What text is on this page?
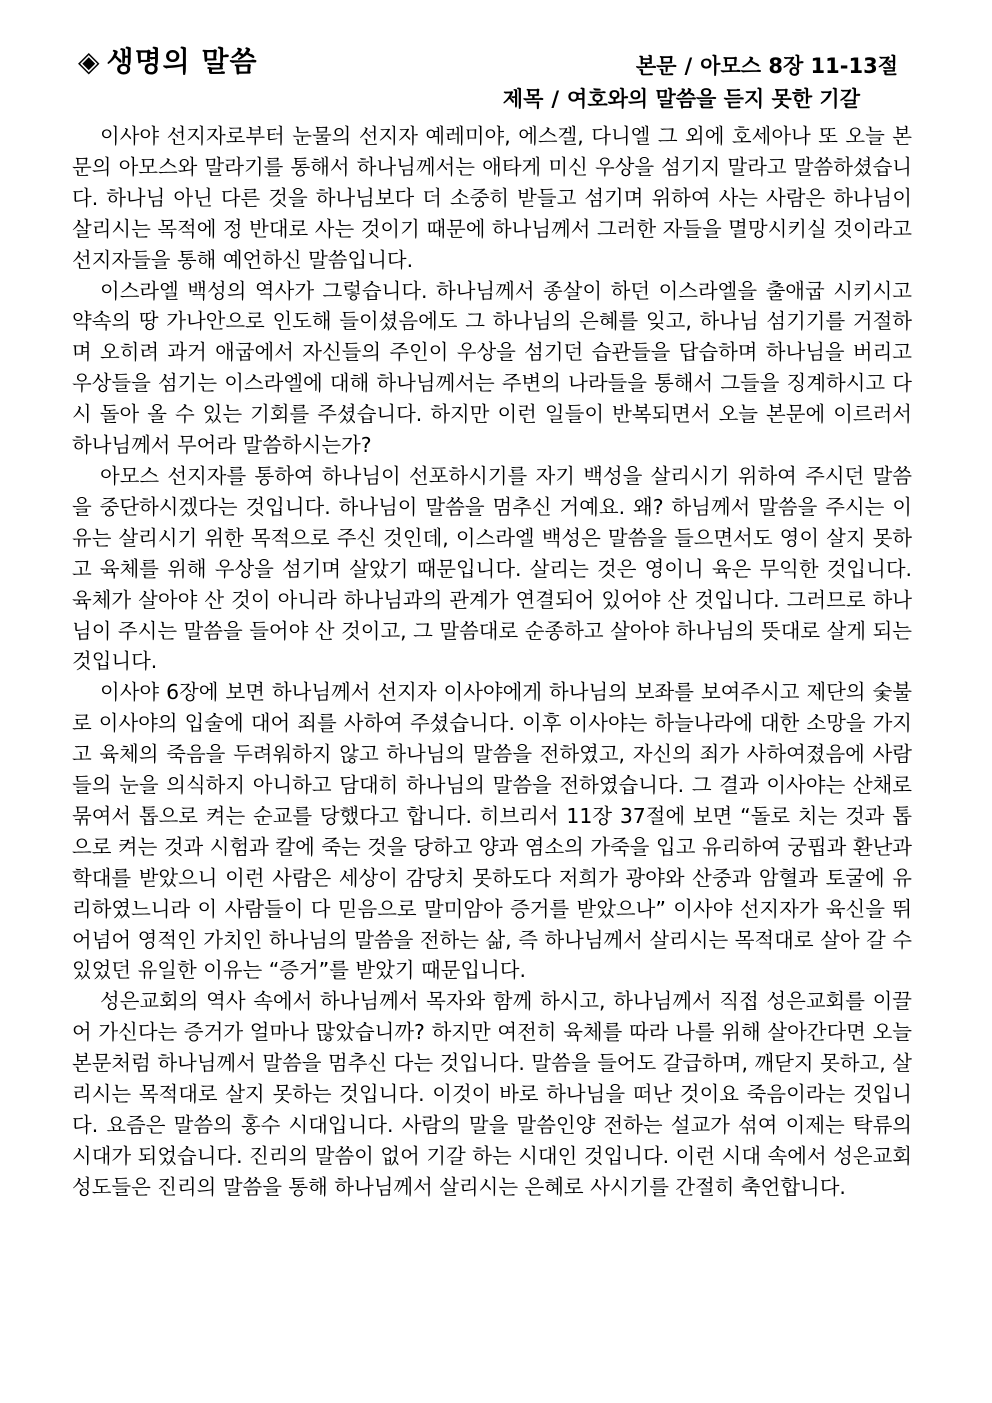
◈ 생명의 말씀	본문 / 아모스 8장 11-13절
제목 / 여호와의 말씀을 듣지 못한 기갈

이사야 선지자로부터 눈물의 선지자 예레미야, 에스겔, 다니엘 그 외에 호세아나 또 오늘 본문의 아모스와 말라기를 통해서 하나님께서는 애타게 미신 우상을 섬기지 말라고 말씀하셨습니다. 하나님 아닌 다른 것을 하나님보다 더 소중히 받들고 섬기며 위하여 사는 사람은 하나님이 살리시는 목적에 정 반대로 사는 것이기 때문에 하나님께서 그러한 자들을 멸망시키실 것이라고 선지자들을 통해 예언하신 말씀입니다.

이스라엘 백성의 역사가 그렇습니다. 하나님께서 종살이 하던 이스라엘을 출애굽 시키시고 약속의 땅 가나안으로 인도해 들이셨음에도 그 하나님의 은혜를 잊고, 하나님 섬기기를 거절하며 오히려 과거 애굽에서 자신들의 주인이 우상을 섬기던 습관들을 답습하며 하나님을 버리고 우상들을 섬기는 이스라엘에 대해 하나님께서는 주변의 나라들을 통해서 그들을 징계하시고 다시 돌아 올 수 있는 기회를 주셨습니다. 하지만 이런 일들이 반복되면서 오늘 본문에 이르러서 하나님께서 무어라 말씀하시는가?

아모스 선지자를 통하여 하나님이 선포하시기를 자기 백성을 살리시기 위하여 주시던 말씀을 중단하시겠다는 것입니다. 하나님이 말씀을 멈추신 거예요. 왜? 하님께서 말씀을 주시는 이유는 살리시기 위한 목적으로 주신 것인데, 이스라엘 백성은 말씀을 들으면서도 영이 살지 못하고 육체를 위해 우상을 섬기며 살았기 때문입니다. 살리는 것은 영이니 육은 무익한 것입니다. 육체가 살아야 산 것이 아니라 하나님과의 관계가 연결되어 있어야 산 것입니다. 그러므로 하나님이 주시는 말씀을 들어야 산 것이고, 그 말씀대로 순종하고 살아야 하나님의 뜻대로 살게 되는 것입니다.

이사야 6장에 보면 하나님께서 선지자 이사야에게 하나님의 보좌를 보여주시고 제단의 숯불로 이사야의 입술에 대어 죄를 사하여 주셨습니다. 이후 이사야는 하늘나라에 대한 소망을 가지고 육체의 죽음을 두려워하지 않고 하나님의 말씀을 전하였고, 자신의 죄가 사하여졌음에 사람들의 눈을 의식하지 아니하고 담대히 하나님의 말씀을 전하였습니다. 그 결과 이사야는 산채로 묶여서 톱으로 켜는 순교를 당했다고 합니다. 히브리서 11장 37절에 보면 “돌로 치는 것과 톱으로 켜는 것과 시험과 칼에 죽는 것을 당하고 양과 염소의 가죽을 입고 유리하여 궁핍과 환난과 학대를 받았으니 이런 사람은 세상이 감당치 못하도다 저희가 광야와 산중과 암혈과 토굴에 유리하였느니라 이 사람들이 다 믿음으로 말미암아 증거를 받았으나” 이사야 선지자가 육신을 뛰어넘어 영적인 가치인 하나님의 말씀을 전하는 삶, 즉 하나님께서 살리시는 목적대로 살아 갈 수 있었던 유일한 이유는 “증거”를 받았기 때문입니다.

성은교회의 역사 속에서 하나님께서 목자와 함께 하시고, 하나님께서 직접 성은교회를 이끌어 가신다는 증거가 얼마나 많았습니까? 하지만 여전히 육체를 따라 나를 위해 살아간다면 오늘 본문처럼 하나님께서 말씀을 멈추신 다는 것입니다. 말씀을 들어도 갈급하며, 깨닫지 못하고, 살리시는 목적대로 살지 못하는 것입니다. 이것이 바로 하나님을 떠난 것이요 죽음이라는 것입니다. 요즘은 말씀의 홍수 시대입니다. 사람의 말을 말씀인양 전하는 설교가 섞여 이제는 탁류의 시대가 되었습니다. 진리의 말씀이 없어 기갈 하는 시대인 것입니다. 이런 시대 속에서 성은교회 성도들은 진리의 말씀을 통해 하나님께서 살리시는 은혜로 사시기를 간절히 축언합니다.
